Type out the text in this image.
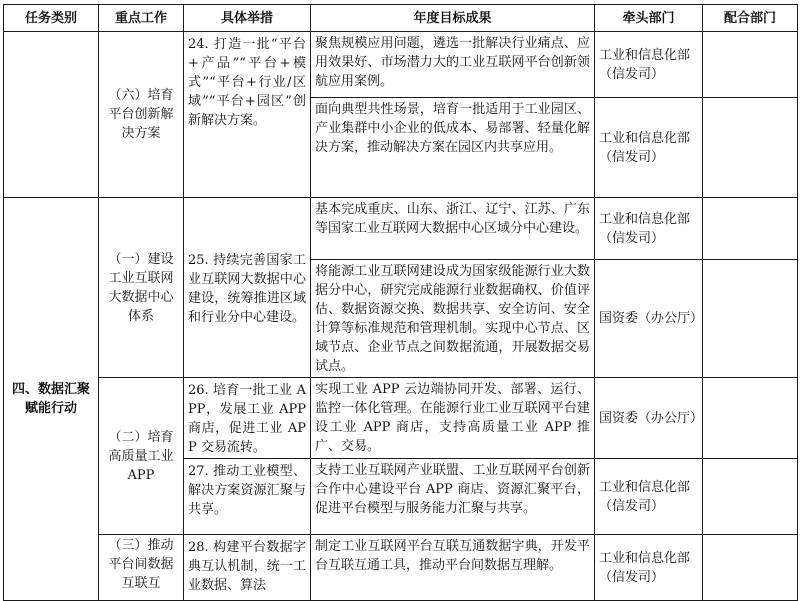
任务类别	重点工作	具体举措	年度目标成果	牵头部门	配合部门
	（六）培育平台创新解决方案	24. 打造一批“平台+产品”“平台+模式”“平台+行业/区域”“平台+园区”创新解决方案。	聚焦规模应用问题，遴选一批解决行业痛点、应用效果好、市场潜力大的工业互联网平台创新领航应用案例。	工业和信息化部（信发司）	
			面向典型共性场景，培育一批适用于工业园区、产业集群中小企业的低成本、易部署、轻量化解决方案，推动解决方案在园区内共享应用。	工业和信息化部（信发司）	
四、数据汇聚赋能行动	（一）建设工业互联网大数据中心体系	25. 持续完善国家工业互联网大数据中心建设，统筹推进区域和行业分中心建设。	基本完成重庆、山东、浙江、辽宁、江苏、广东等国家工业互联网大数据中心区域分中心建设。	工业和信息化部（信发司）	
			将能源工业互联网建设成为国家级能源行业大数据分中心，研究完成能源行业数据确权、价值评估、数据资源交换、数据共享、安全访问、安全计算等标准规范和管理机制。实现中心节点、区域节点、企业节点之间数据流通，开展数据交易试点。	国资委（办公厅）	
	（二）培育高质量工业 APP	26. 培育一批工业 APP，发展工业 APP 商店，促进工业 APP 交易流转。	实现工业 APP 云边端协同开发、部署、运行、监控一体化管理。在能源行业工业互联网平台建设工业 APP 商店，支持高质量工业 APP 推广、交易。	国资委（办公厅）	
		27. 推动工业模型、解决方案资源汇聚与共享。	支持工业互联网产业联盟、工业互联网平台创新合作中心建设平台 APP 商店、资源汇聚平台，促进平台模型与服务能力汇聚与共享。	工业和信息化部（信发司）	
	（三）推动平台间数据互联互	28. 构建平台数据字典互认机制，统一工业数据、算法	制定工业互联网平台互联互通数据字典，开发平台互联互通工具，推动平台间数据互理解。	工业和信息化部（信发司）	
